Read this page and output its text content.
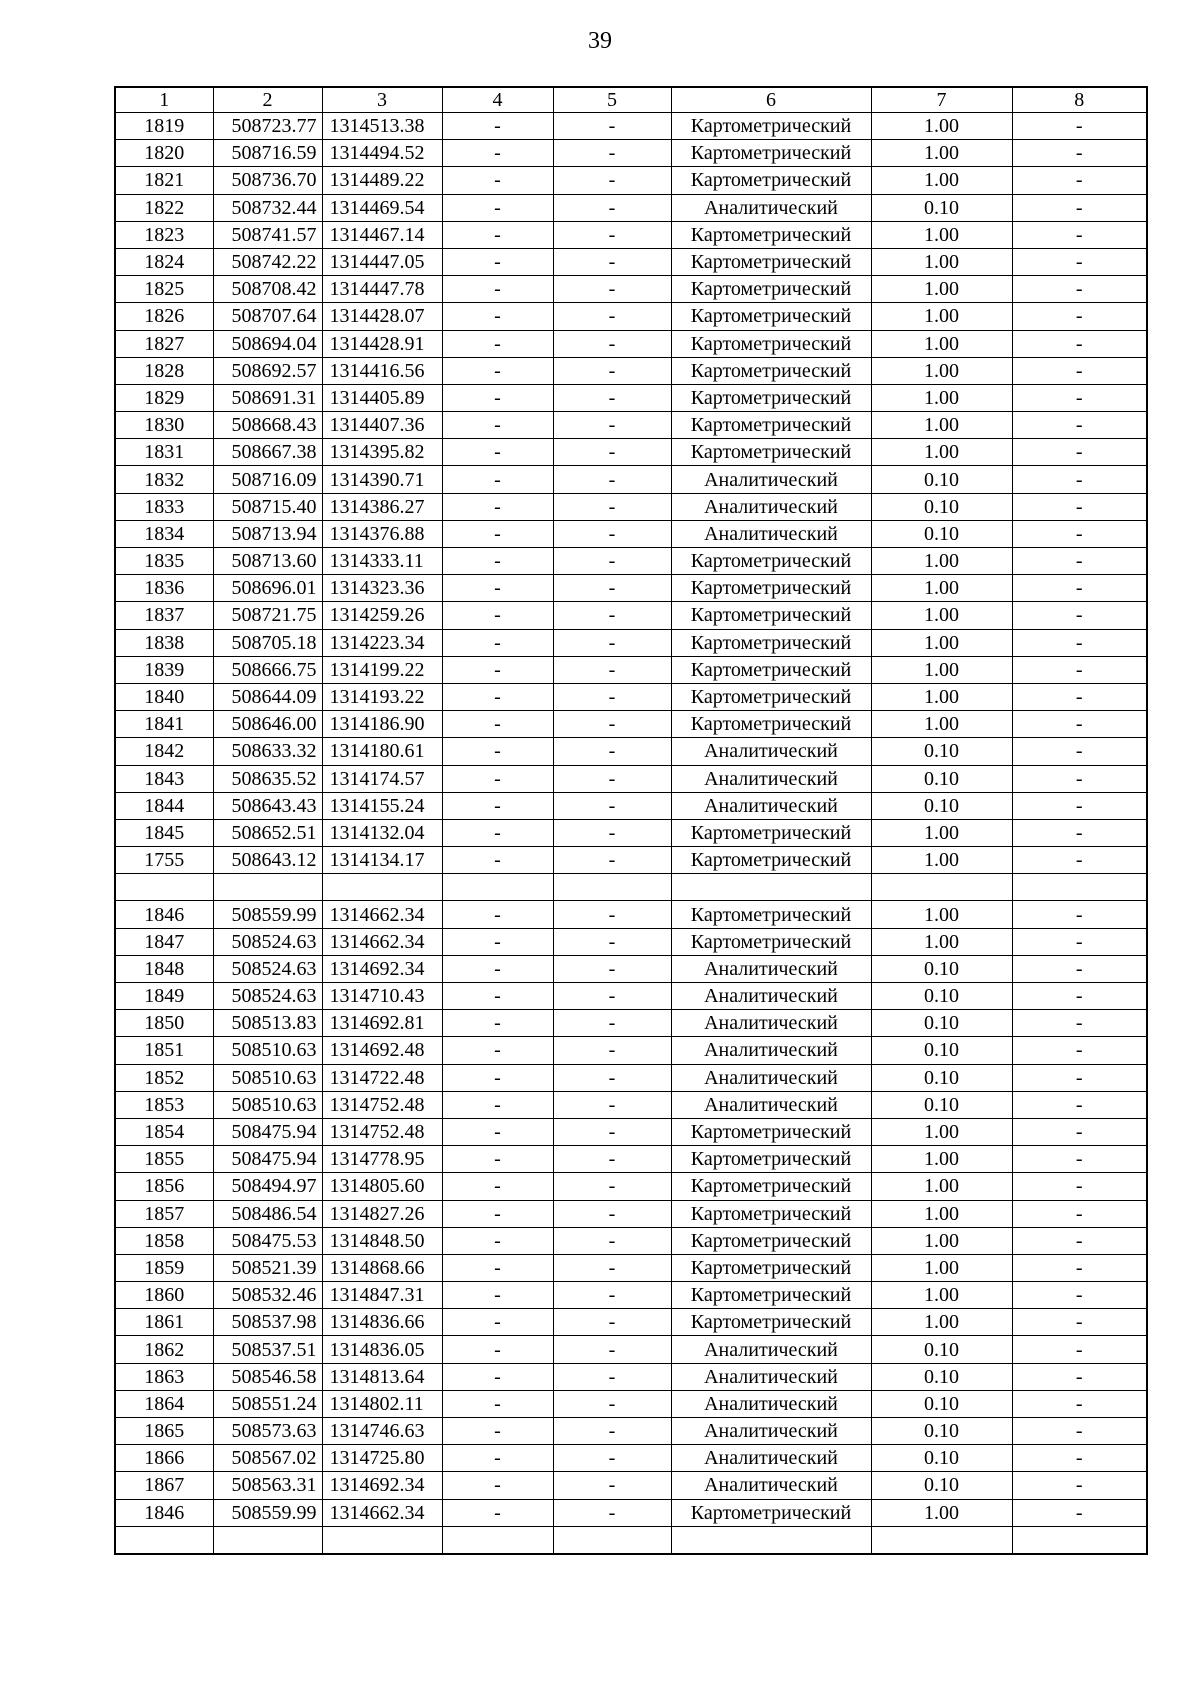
39
1	2	3	4	5	6	7	8
1819	508723.77	1314513.38	-	-	Картометрический	1.00	-
1820	508716.59	1314494.52	-	-	Картометрический	1.00	-
1821	508736.70	1314489.22	-	-	Картометрический	1.00	-
1822	508732.44	1314469.54	-	-	Аналитический	0.10	-
1823	508741.57	1314467.14	-	-	Картометрический	1.00	-
1824	508742.22	1314447.05	-	-	Картометрический	1.00	-
1825	508708.42	1314447.78	-	-	Картометрический	1.00	-
1826	508707.64	1314428.07	-	-	Картометрический	1.00	-
1827	508694.04	1314428.91	-	-	Картометрический	1.00	-
1828	508692.57	1314416.56	-	-	Картометрический	1.00	-
1829	508691.31	1314405.89	-	-	Картометрический	1.00	-
1830	508668.43	1314407.36	-	-	Картометрический	1.00	-
1831	508667.38	1314395.82	-	-	Картометрический	1.00	-
1832	508716.09	1314390.71	-	-	Аналитический	0.10	-
1833	508715.40	1314386.27	-	-	Аналитический	0.10	-
1834	508713.94	1314376.88	-	-	Аналитический	0.10	-
1835	508713.60	1314333.11	-	-	Картометрический	1.00	-
1836	508696.01	1314323.36	-	-	Картометрический	1.00	-
1837	508721.75	1314259.26	-	-	Картометрический	1.00	-
1838	508705.18	1314223.34	-	-	Картометрический	1.00	-
1839	508666.75	1314199.22	-	-	Картометрический	1.00	-
1840	508644.09	1314193.22	-	-	Картометрический	1.00	-
1841	508646.00	1314186.90	-	-	Картометрический	1.00	-
1842	508633.32	1314180.61	-	-	Аналитический	0.10	-
1843	508635.52	1314174.57	-	-	Аналитический	0.10	-
1844	508643.43	1314155.24	-	-	Аналитический	0.10	-
1845	508652.51	1314132.04	-	-	Картометрический	1.00	-
1755	508643.12	1314134.17	-	-	Картометрический	1.00	-

1846	508559.99	1314662.34	-	-	Картометрический	1.00	-
1847	508524.63	1314662.34	-	-	Картометрический	1.00	-
1848	508524.63	1314692.34	-	-	Аналитический	0.10	-
1849	508524.63	1314710.43	-	-	Аналитический	0.10	-
1850	508513.83	1314692.81	-	-	Аналитический	0.10	-
1851	508510.63	1314692.48	-	-	Аналитический	0.10	-
1852	508510.63	1314722.48	-	-	Аналитический	0.10	-
1853	508510.63	1314752.48	-	-	Аналитический	0.10	-
1854	508475.94	1314752.48	-	-	Картометрический	1.00	-
1855	508475.94	1314778.95	-	-	Картометрический	1.00	-
1856	508494.97	1314805.60	-	-	Картометрический	1.00	-
1857	508486.54	1314827.26	-	-	Картометрический	1.00	-
1858	508475.53	1314848.50	-	-	Картометрический	1.00	-
1859	508521.39	1314868.66	-	-	Картометрический	1.00	-
1860	508532.46	1314847.31	-	-	Картометрический	1.00	-
1861	508537.98	1314836.66	-	-	Картометрический	1.00	-
1862	508537.51	1314836.05	-	-	Аналитический	0.10	-
1863	508546.58	1314813.64	-	-	Аналитический	0.10	-
1864	508551.24	1314802.11	-	-	Аналитический	0.10	-
1865	508573.63	1314746.63	-	-	Аналитический	0.10	-
1866	508567.02	1314725.80	-	-	Аналитический	0.10	-
1867	508563.31	1314692.34	-	-	Аналитический	0.10	-
1846	508559.99	1314662.34	-	-	Картометрический	1.00	-
